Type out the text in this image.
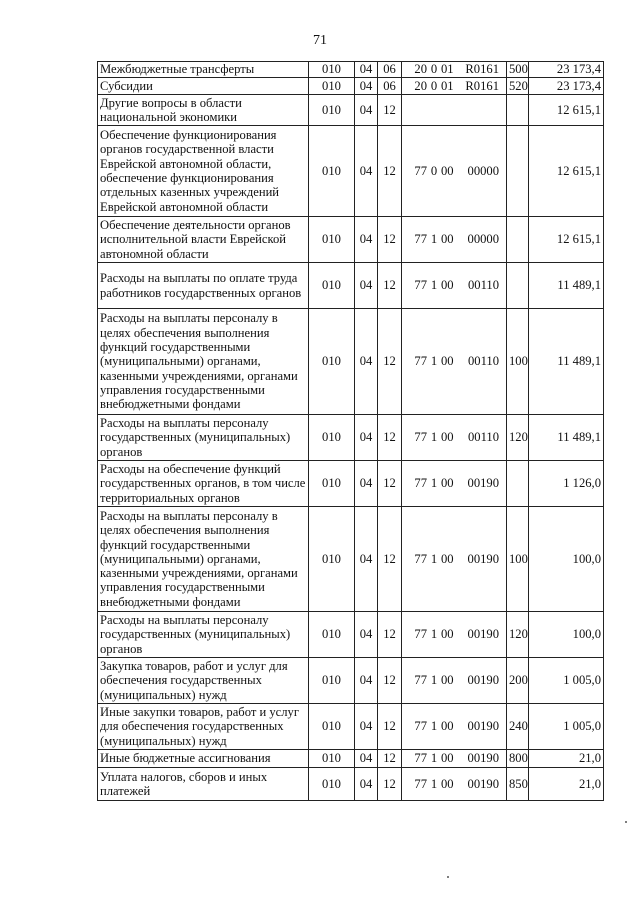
71
Межбюджетные трансферты	010	04	06	20 0 01 R0161	500	23 173,4
Субсидии	010	04	06	20 0 01 R0161	520	23 173,4
Другие вопросы в области национальной экономики	010	04	12			12 615,1
Обеспечение функционирования органов государственной власти Еврейской автономной области, обеспечение функционирования отдельных казенных учреждений Еврейской автономной области	010	04	12	77 0 00 00000		12 615,1
Обеспечение деятельности органов исполнительной власти Еврейской автономной области	010	04	12	77 1 00 00000		12 615,1
Расходы на выплаты по оплате труда работников государственных органов	010	04	12	77 1 00 00110		11 489,1
Расходы на выплаты персоналу в целях обеспечения выполнения функций государственными (муниципальными) органами, казенными учреждениями, органами управления государственными внебюджетными фондами	010	04	12	77 1 00 00110	100	11 489,1
Расходы на выплаты персоналу государственных (муниципальных) органов	010	04	12	77 1 00 00110	120	11 489,1
Расходы на обеспечение функций государственных органов, в том числе территориальных органов	010	04	12	77 1 00 00190		1 126,0
Расходы на выплаты персоналу в целях обеспечения выполнения функций государственными (муниципальными) органами, казенными учреждениями, органами управления государственными внебюджетными фондами	010	04	12	77 1 00 00190	100	100,0
Расходы на выплаты персоналу государственных (муниципальных) органов	010	04	12	77 1 00 00190	120	100,0
Закупка товаров, работ и услуг для обеспечения государственных (муниципальных) нужд	010	04	12	77 1 00 00190	200	1 005,0
Иные закупки товаров, работ и услуг для обеспечения государственных (муниципальных) нужд	010	04	12	77 1 00 00190	240	1 005,0
Иные бюджетные ассигнования	010	04	12	77 1 00 00190	800	21,0
Уплата налогов, сборов и иных платежей	010	04	12	77 1 00 00190	850	21,0
